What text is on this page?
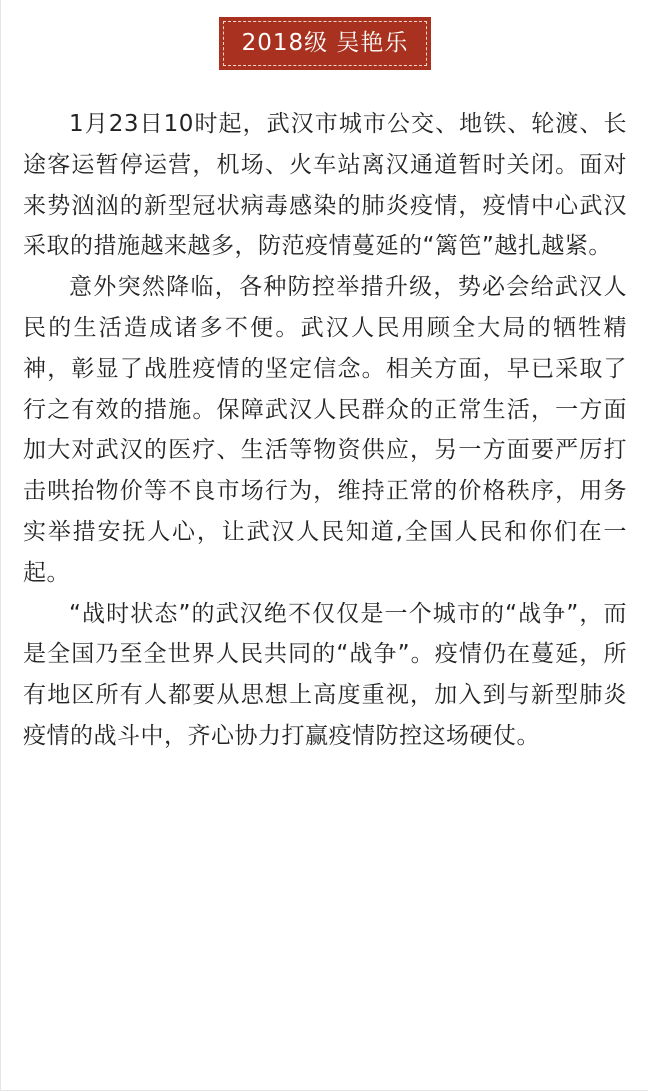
2018级 吴艳乐

1月23日10时起，武汉市城市公交、地铁、轮渡、长途客运暂停运营，机场、火车站离汉通道暂时关闭。面对来势汹汹的新型冠状病毒感染的肺炎疫情，疫情中心武汉采取的措施越来越多，防范疫情蔓延的“篱笆”越扎越紧。

意外突然降临，各种防控举措升级，势必会给武汉人民的生活造成诸多不便。武汉人民用顾全大局的牺牲精神，彰显了战胜疫情的坚定信念。相关方面，早已采取了行之有效的措施。保障武汉人民群众的正常生活，一方面加大对武汉的医疗、生活等物资供应，另一方面要严厉打击哄抬物价等不良市场行为，维持正常的价格秩序，用务实举措安抚人心，让武汉人民知道,全国人民和你们在一起。

“战时状态”的武汉绝不仅仅是一个城市的“战争”，而是全国乃至全世界人民共同的“战争”。疫情仍在蔓延，所有地区所有人都要从思想上高度重视，加入到与新型肺炎疫情的战斗中，齐心协力打赢疫情防控这场硬仗。
